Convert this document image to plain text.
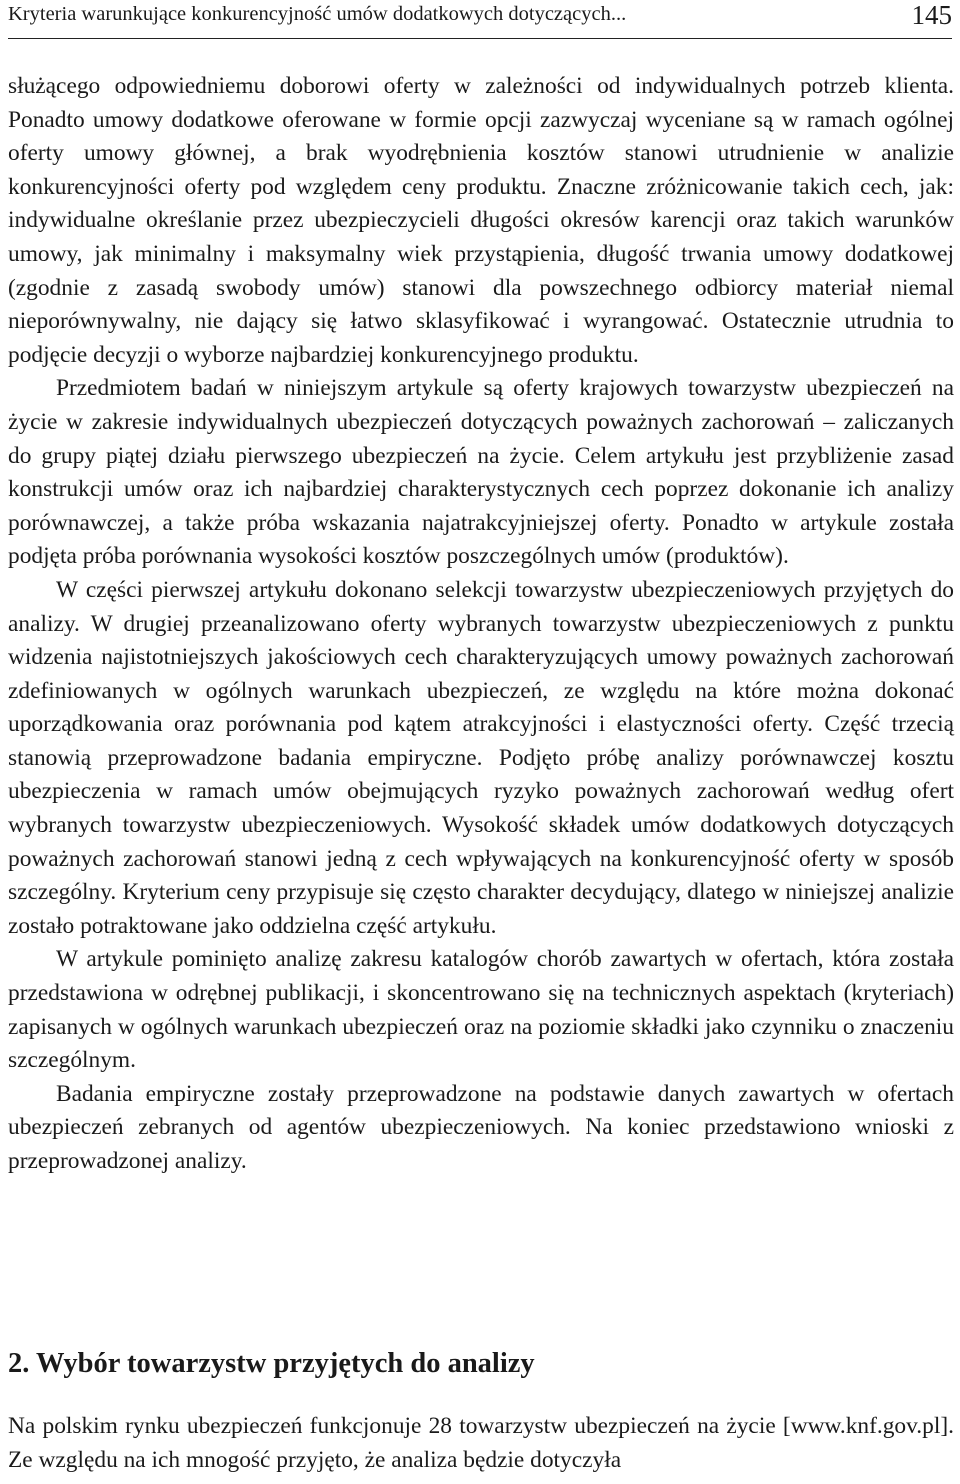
Kryteria warunkujące konkurencyjność umów dodatkowych dotyczących...	145

służącego odpowiedniemu doborowi oferty w zależności od indywidualnych potrzeb klienta. Ponadto umowy dodatkowe oferowane w formie opcji zazwyczaj wyceniane są w ramach ogólnej oferty umowy głównej, a brak wyodrębnienia kosztów stanowi utrudnienie w analizie konkurencyjności oferty pod względem ceny produktu. Znaczne zróżnicowanie takich cech, jak: indywidualne określanie przez ubezpieczycieli długości okresów karencji oraz takich warunków umowy, jak minimalny i maksymalny wiek przystąpienia, długość trwania umowy dodatkowej (zgodnie z zasadą swobody umów) stanowi dla powszechnego odbiorcy materiał niemal nieporównywalny, nie dający się łatwo sklasyfikować i wyrangować. Ostatecznie utrudnia to podjęcie decyzji o wyborze najbardziej konkurencyjnego produktu.

Przedmiotem badań w niniejszym artykule są oferty krajowych towarzystw ubezpieczeń na życie w zakresie indywidualnych ubezpieczeń dotyczących poważnych zachorowań – zaliczanych do grupy piątej działu pierwszego ubezpieczeń na życie. Celem artykułu jest przybliżenie zasad konstrukcji umów oraz ich najbardziej charakterystycznych cech poprzez dokonanie ich analizy porównawczej, a także próba wskazania najatrakcyjniejszej oferty. Ponadto w artykule została podjęta próba porównania wysokości kosztów poszczególnych umów (produktów).

W części pierwszej artykułu dokonano selekcji towarzystw ubezpieczeniowych przyjętych do analizy. W drugiej przeanalizowano oferty wybranych towarzystw ubezpieczeniowych z punktu widzenia najistotniejszych jakościowych cech charakteryzujących umowy poważnych zachorowań zdefiniowanych w ogólnych warunkach ubezpieczeń, ze względu na które można dokonać uporządkowania oraz porównania pod kątem atrakcyjności i elastyczności oferty. Część trzecią stanowią przeprowadzone badania empiryczne. Podjęto próbę analizy porównawczej kosztu ubezpieczenia w ramach umów obejmujących ryzyko poważnych zachorowań według ofert wybranych towarzystw ubezpieczeniowych. Wysokość składek umów dodatkowych dotyczących poważnych zachorowań stanowi jedną z cech wpływających na konkurencyjność oferty w sposób szczególny. Kryterium ceny przypisuje się często charakter decydujący, dlatego w niniejszej analizie zostało potraktowane jako oddzielna część artykułu.

W artykule pominięto analizę zakresu katalogów chorób zawartych w ofertach, która została przedstawiona w odrębnej publikacji, i skoncentrowano się na technicznych aspektach (kryteriach) zapisanych w ogólnych warunkach ubezpieczeń oraz na poziomie składki jako czynniku o znaczeniu szczególnym.

Badania empiryczne zostały przeprowadzone na podstawie danych zawartych w ofertach ubezpieczeń zebranych od agentów ubezpieczeniowych. Na koniec przedstawiono wnioski z przeprowadzonej analizy.

2. Wybór towarzystw przyjętych do analizy

Na polskim rynku ubezpieczeń funkcjonuje 28 towarzystw ubezpieczeń na życie [www.knf.gov.pl]. Ze względu na ich mnogość przyjęto, że analiza będzie dotyczyła
